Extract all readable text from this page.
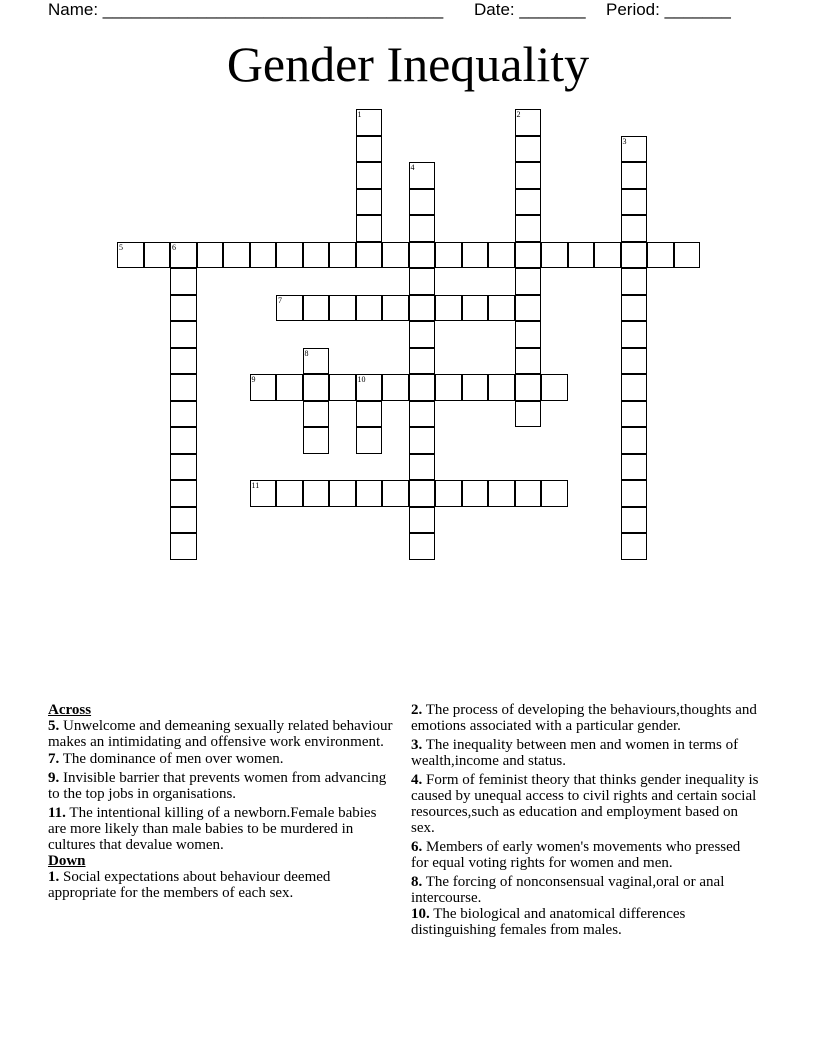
Name: ____________________________________ Date: _______ Period: _______
Gender Inequality
1	2
3
4
5	6
7
8
9	10
11

Across

5. Unwelcome and demeaning sexually related behaviour makes an intimidating and offensive work environment.

7. The dominance of men over women.

9. Invisible barrier that prevents women from advancing to the top jobs in organisations.

11. The intentional killing of a newborn.Female babies are more likely than male babies to be murdered in cultures that devalue women.

Down

1. Social expectations about behaviour deemed appropriate for the members of each sex.

2. The process of developing the behaviours,thoughts and emotions associated with a particular gender.

3. The inequality between men and women in terms of wealth,income and status.

4. Form of feminist theory that thinks gender inequality is caused by unequal access to civil rights and certain social resources,such as education and employment based on sex.

6. Members of early women's movements who pressed for equal voting rights for women and men.

8. The forcing of nonconsensual vaginal,oral or anal intercourse.

10. The biological and anatomical differences distinguishing females from males.
